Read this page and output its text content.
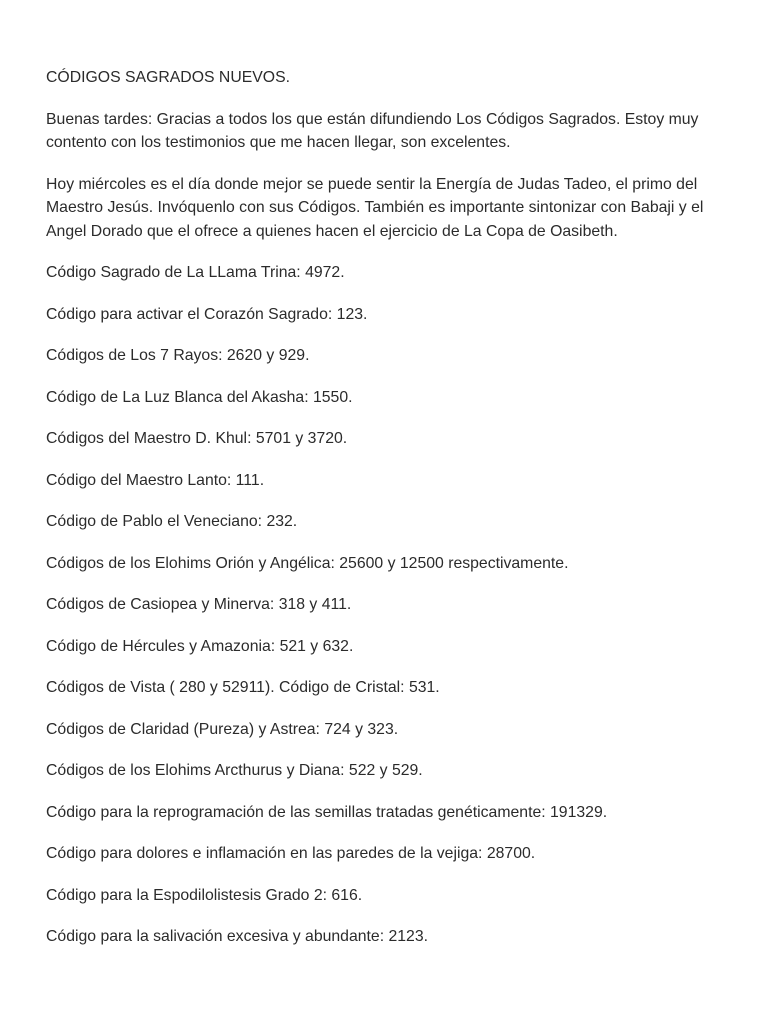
CÓDIGOS SAGRADOS NUEVOS.

Buenas tardes: Gracias a todos los que están difundiendo Los Códigos Sagrados. Estoy muy contento con los testimonios que me hacen llegar, son excelentes.

Hoy miércoles es el día donde mejor se puede sentir la Energía de Judas Tadeo, el primo del Maestro Jesús. Invóquenlo con sus Códigos. También es importante sintonizar con Babaji y el Angel Dorado que el ofrece a quienes hacen el ejercicio de La Copa de Oasibeth.

Código Sagrado de La LLama Trina: 4972.

Código para activar el Corazón Sagrado: 123.

Códigos de Los 7 Rayos: 2620 y 929.

Código de La Luz Blanca del Akasha: 1550.

Códigos del Maestro D. Khul: 5701 y 3720.

Código del Maestro Lanto: 111.

Código de Pablo el Veneciano: 232.

Códigos de los Elohims Orión y Angélica: 25600 y 12500 respectivamente.

Códigos de Casiopea y Minerva: 318 y 411.

Código de Hércules y Amazonia: 521 y 632.

Códigos de Vista ( 280 y 52911). Código de Cristal: 531.

Códigos de Claridad (Pureza) y Astrea: 724 y 323.

Códigos de los Elohims Arcthurus y Diana: 522 y 529.

Código para la reprogramación de las semillas tratadas genéticamente: 191329.

Código para dolores e inflamación en las paredes de la vejiga: 28700.

Código para la Espodilolistesis Grado 2: 616.

Código para la salivación excesiva y abundante: 2123.
